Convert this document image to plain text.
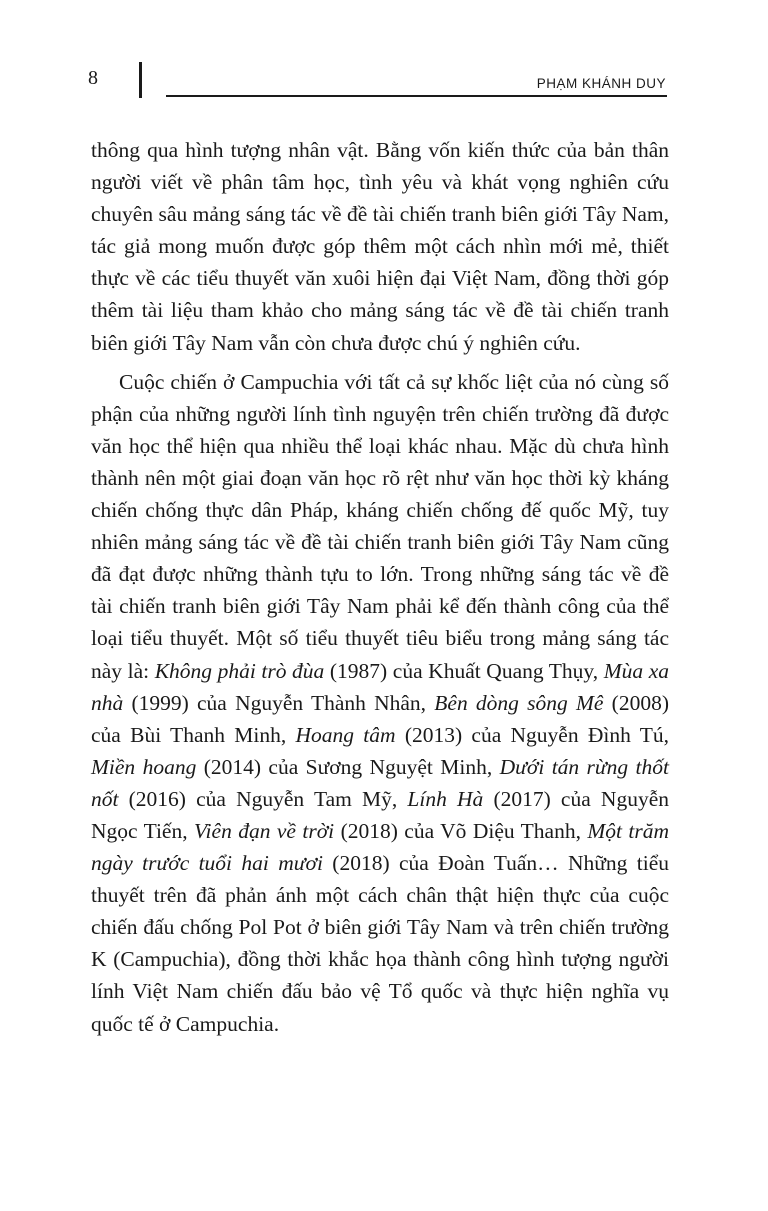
8	PHẠM KHÁNH DUY

thông qua hình tượng nhân vật. Bằng vốn kiến thức của bản thân người viết về phân tâm học, tình yêu và khát vọng nghiên cứu chuyên sâu mảng sáng tác về đề tài chiến tranh biên giới Tây Nam, tác giả mong muốn được góp thêm một cách nhìn mới mẻ, thiết thực về các tiểu thuyết văn xuôi hiện đại Việt Nam, đồng thời góp thêm tài liệu tham khảo cho mảng sáng tác về đề tài chiến tranh biên giới Tây Nam vẫn còn chưa được chú ý nghiên cứu.

Cuộc chiến ở Campuchia với tất cả sự khốc liệt của nó cùng số phận của những người lính tình nguyện trên chiến trường đã được văn học thể hiện qua nhiều thể loại khác nhau. Mặc dù chưa hình thành nên một giai đoạn văn học rõ rệt như văn học thời kỳ kháng chiến chống thực dân Pháp, kháng chiến chống đế quốc Mỹ, tuy nhiên mảng sáng tác về đề tài chiến tranh biên giới Tây Nam cũng đã đạt được những thành tựu to lớn. Trong những sáng tác về đề tài chiến tranh biên giới Tây Nam phải kể đến thành công của thể loại tiểu thuyết. Một số tiểu thuyết tiêu biểu trong mảng sáng tác này là: Không phải trò đùa (1987) của Khuất Quang Thụy, Mùa xa nhà (1999) của Nguyễn Thành Nhân, Bên dòng sông Mê (2008) của Bùi Thanh Minh, Hoang tâm (2013) của Nguyễn Đình Tú, Miền hoang (2014) của Sương Nguyệt Minh, Dưới tán rừng thốt nốt (2016) của Nguyễn Tam Mỹ, Lính Hà (2017) của Nguyễn Ngọc Tiến, Viên đạn về trời (2018) của Võ Diệu Thanh, Một trăm ngày trước tuổi hai mươi (2018) của Đoàn Tuấn… Những tiểu thuyết trên đã phản ánh một cách chân thật hiện thực của cuộc chiến đấu chống Pol Pot ở biên giới Tây Nam và trên chiến trường K (Campuchia), đồng thời khắc họa thành công hình tượng người lính Việt Nam chiến đấu bảo vệ Tổ quốc và thực hiện nghĩa vụ quốc tế ở Campuchia.
